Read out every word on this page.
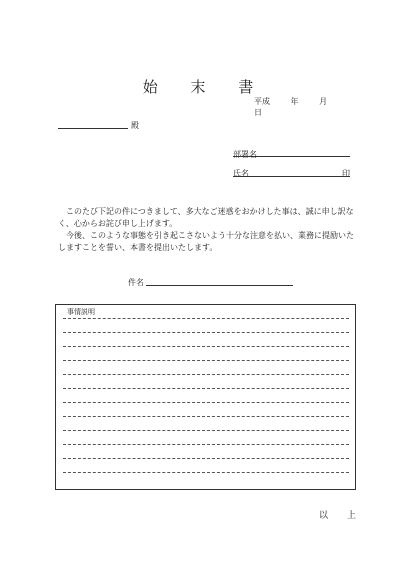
始 末 書
平成	年	月 日
殿
部署名
氏名	印

このたび下記の件につきまして、多大なご迷惑をおかけした事は、誠に申し訳なく、心からお詫び申し上げます。

今後、このような事態を引き起こさないよう十分な注意を払い、業務に提励いたしますことを誓い、本書を提出いたします。

件名
事情説明
以 上
